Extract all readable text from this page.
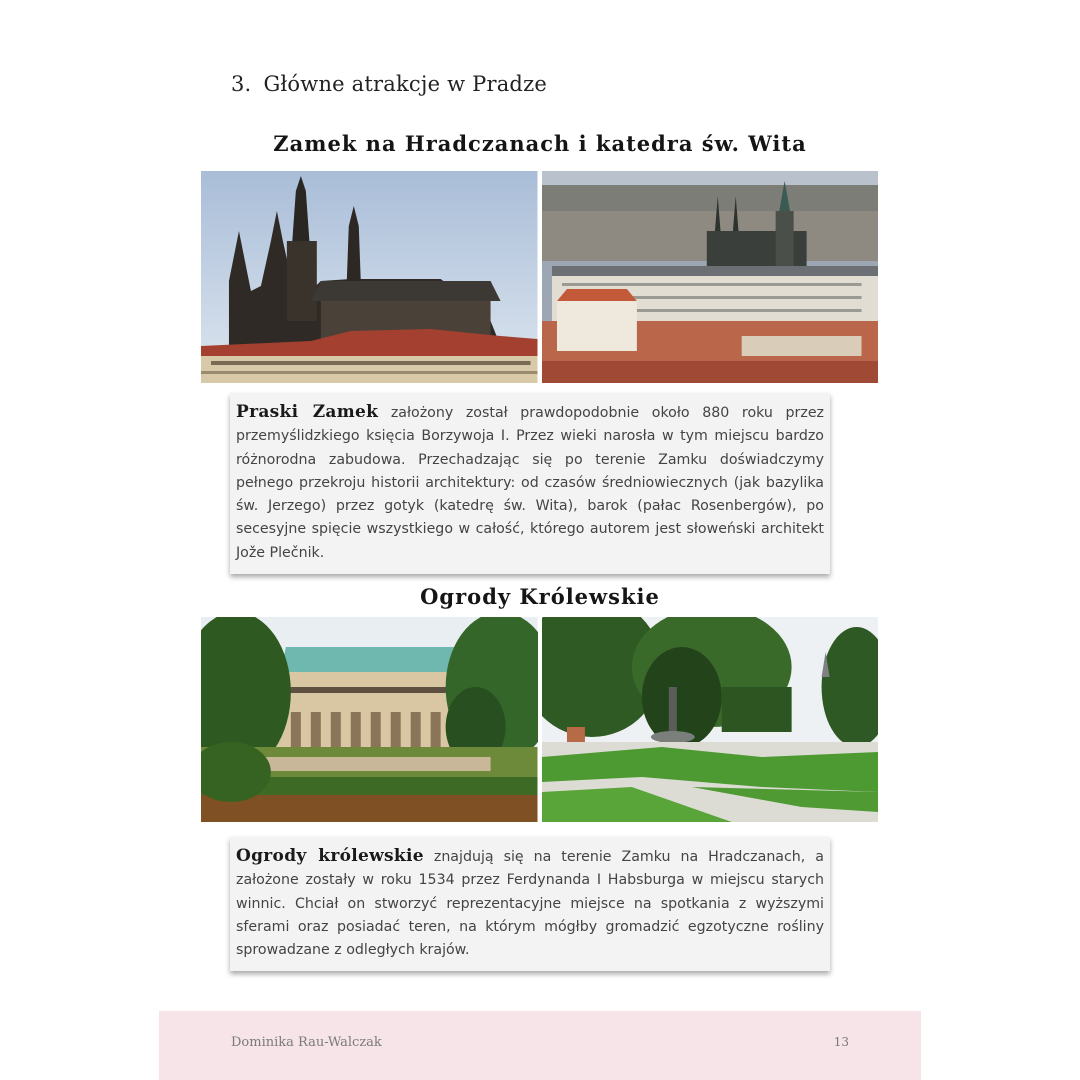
3. Główne atrakcje w Pradze
Zamek na Hradczanach i katedra św. Wita
Praski Zamek założony został prawdopodobnie około 880 roku przez przemyślidzkiego księcia Borzywoja I. Przez wieki narosła w tym miejscu bardzo różnorodna zabudowa. Przechadzając się po terenie Zamku doświadczymy pełnego przekroju historii architektury: od czasów średniowiecznych (jak bazylika św. Jerzego) przez gotyk (katedrę św. Wita), barok (pałac Rosenbergów), po secesyjne spięcie wszystkiego w całość, którego autorem jest słoweński architekt Jože Plečnik.
Ogrody Królewskie
Ogrody królewskie znajdują się na terenie Zamku na Hradczanach, a założone zostały w roku 1534 przez Ferdynanda I Habsburga w miejscu starych winnic. Chciał on stworzyć reprezentacyjne miejsce na spotkania z wyższymi sferami oraz posiadać teren, na którym mógłby gromadzić egzotyczne rośliny sprowadzane z odległych krajów.
Dominika Rau-Walczak	13
